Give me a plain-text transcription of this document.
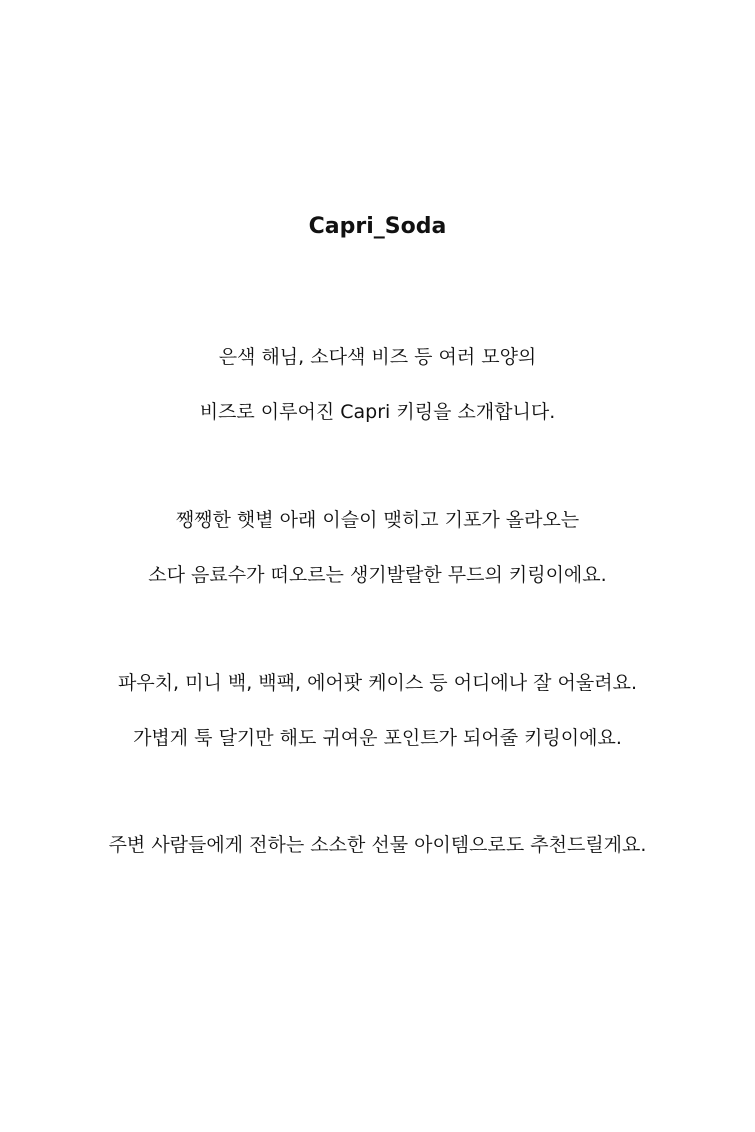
Capri_Soda
은색 해님, 소다색 비즈 등 여러 모양의
비즈로 이루어진 Capri 키링을 소개합니다.
쨍쨍한 햇볕 아래 이슬이 맺히고 기포가 올라오는
소다 음료수가 떠오르는 생기발랄한 무드의 키링이에요.
파우치, 미니 백, 백팩, 에어팟 케이스 등 어디에나 잘 어울려요.
가볍게 툭 달기만 해도 귀여운 포인트가 되어줄 키링이에요.
주변 사람들에게 전하는 소소한 선물 아이템으로도 추천드릴게요.
